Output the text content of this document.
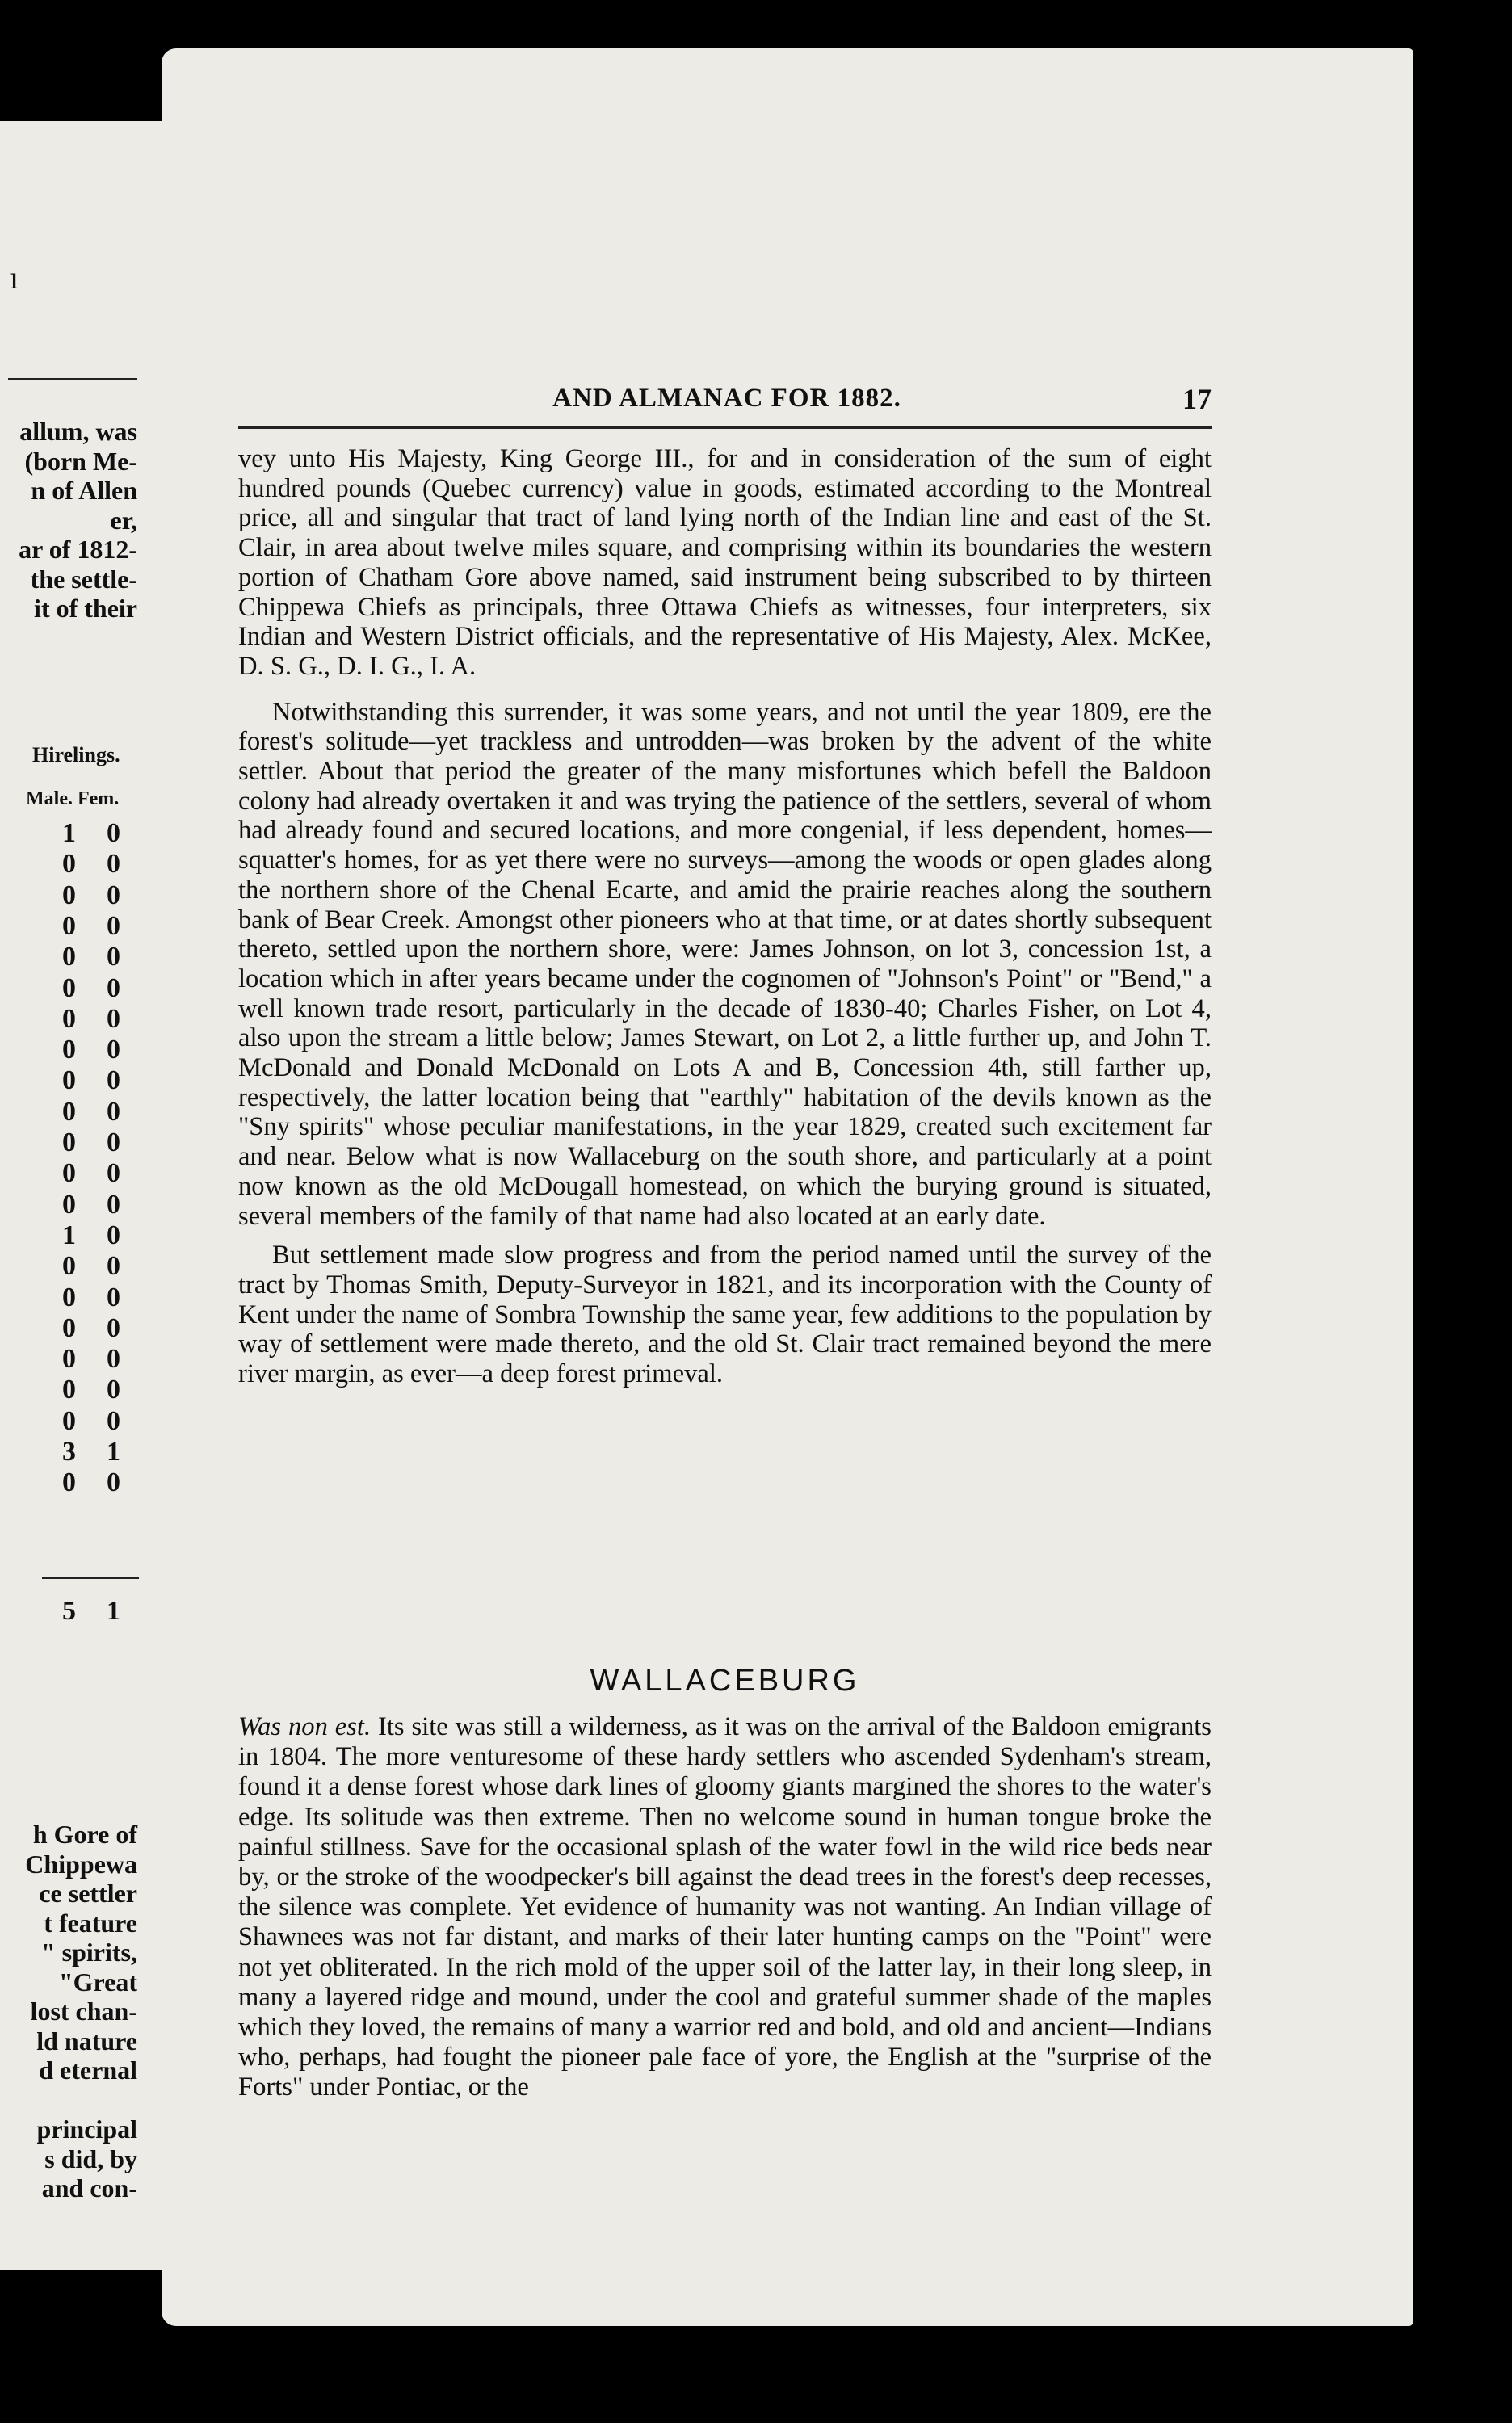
ı
allum, was
(born Me-
n of Allen
er,
ar of 1812-
the settle-
it of their
Hirelings.
Male. Fem.
1 0
0 0
0 0
0 0
0 0
0 0
0 0
0 0
0 0
0 0
0 0
0 0
0 0
1 0
0 0
0 0
0 0
0 0
0 0
0 0
3 1
0 0
5 1
h Gore of
Chippewa
ce settler
t feature
" spirits,
"Great
lost chan-
ld nature
d eternal
principal
s did, by
and con-
AND ALMANAC FOR 1882.	17

vey unto His Majesty, King George III., for and in consideration of the sum of eight hundred pounds (Quebec currency) value in goods, estimated according to the Montreal price, all and singular that tract of land lying north of the Indian line and east of the St. Clair, in area about twelve miles square, and comprising within its boundaries the western portion of Chatham Gore above named, said instrument being subscribed to by thirteen Chippewa Chiefs as principals, three Ottawa Chiefs as witnesses, four interpreters, six Indian and Western District officials, and the representative of His Majesty, Alex. McKee, D. S. G., D. I. G., I. A.

Notwithstanding this surrender, it was some years, and not until the year 1809, ere the forest's solitude—yet trackless and untrodden—was broken by the advent of the white settler. About that period the greater of the many misfortunes which befell the Baldoon colony had already overtaken it and was trying the patience of the settlers, several of whom had already found and secured locations, and more congenial, if less dependent, homes—squatter's homes, for as yet there were no surveys—among the woods or open glades along the northern shore of the Chenal Ecarte, and amid the prairie reaches along the southern bank of Bear Creek. Amongst other pioneers who at that time, or at dates shortly subsequent thereto, settled upon the northern shore, were: James Johnson, on lot 3, concession 1st, a location which in after years became under the cognomen of "Johnson's Point" or "Bend," a well known trade resort, particularly in the decade of 1830-40; Charles Fisher, on Lot 4, also upon the stream a little below; James Stewart, on Lot 2, a little further up, and John T. McDonald and Donald McDonald on Lots A and B, Concession 4th, still farther up, respectively, the latter location being that "earthly" habitation of the devils known as the "Sny spirits" whose peculiar manifestations, in the year 1829, created such excitement far and near. Below what is now Wallaceburg on the south shore, and particularly at a point now known as the old McDougall homestead, on which the burying ground is situated, several members of the family of that name had also located at an early date.

But settlement made slow progress and from the period named until the survey of the tract by Thomas Smith, Deputy-Surveyor in 1821, and its incorporation with the County of Kent under the name of Sombra Township the same year, few additions to the population by way of settlement were made thereto, and the old St. Clair tract remained beyond the mere river margin, as ever—a deep forest primeval.

WALLACEBURG

Was non est. Its site was still a wilderness, as it was on the arrival of the Baldoon emigrants in 1804. The more venturesome of these hardy settlers who ascended Sydenham's stream, found it a dense forest whose dark lines of gloomy giants margined the shores to the water's edge. Its solitude was then extreme. Then no welcome sound in human tongue broke the painful stillness. Save for the occasional splash of the water fowl in the wild rice beds near by, or the stroke of the woodpecker's bill against the dead trees in the forest's deep recesses, the silence was complete. Yet evidence of humanity was not wanting. An Indian village of Shawnees was not far distant, and marks of their later hunting camps on the "Point" were not yet obliterated. In the rich mold of the upper soil of the latter lay, in their long sleep, in many a layered ridge and mound, under the cool and grateful summer shade of the maples which they loved, the remains of many a warrior red and bold, and old and ancient—Indians who, perhaps, had fought the pioneer pale face of yore, the English at the "surprise of the Forts" under Pontiac, or the
